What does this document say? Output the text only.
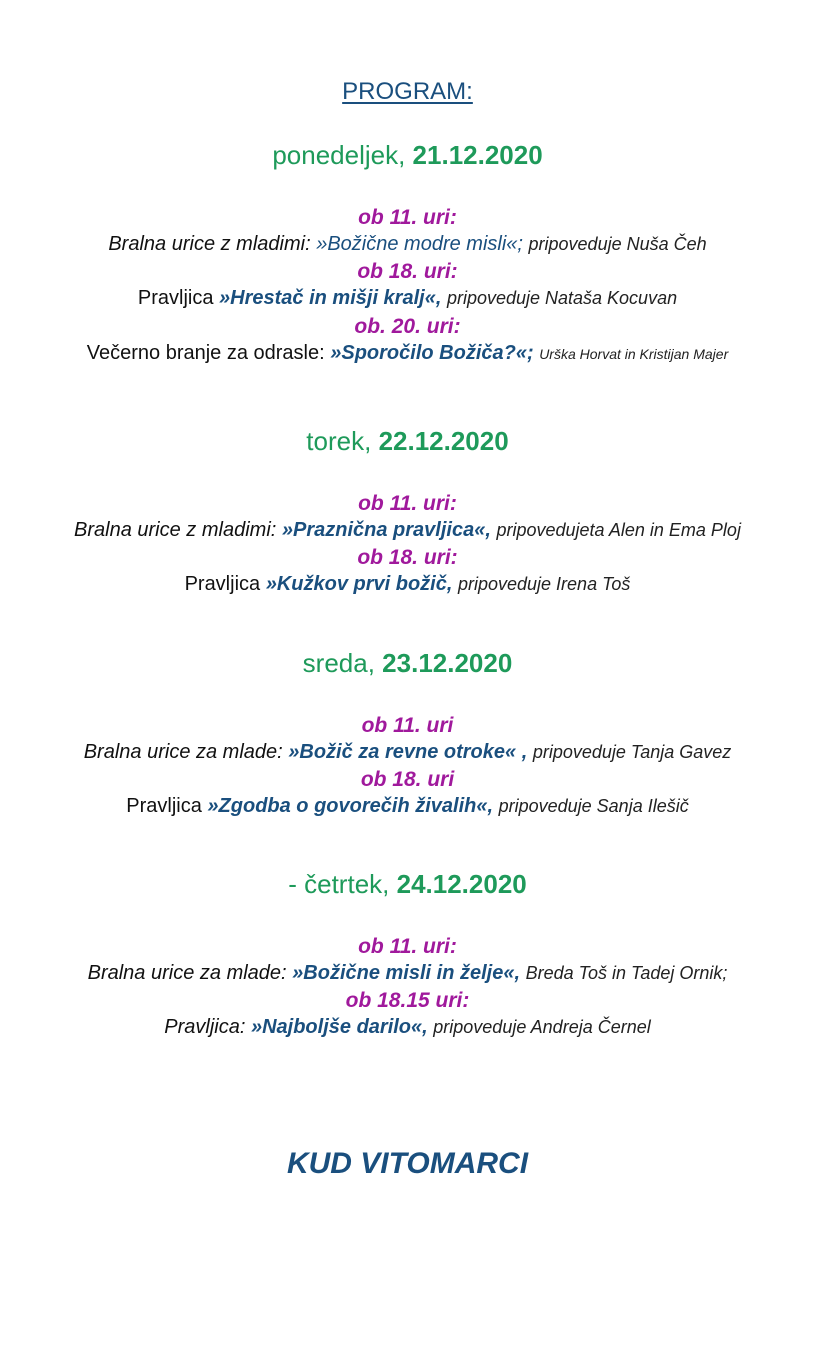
PROGRAM:
ponedeljek, 21.12.2020
ob 11. uri:
Bralna urice z mladimi: »Božične modre misli«; pripoveduje Nuša Čeh
ob 18. uri:
Pravljica »Hrestač in mišji kralj«, pripoveduje Nataša Kocuvan
ob. 20. uri:
Večerno branje za odrasle: »Sporočilo Božiča?«; Urška Horvat in Kristijan Majer
torek, 22.12.2020
ob 11. uri:
Bralna urice z mladimi: »Praznična pravljica«, pripovedujeta Alen in Ema Ploj
ob 18. uri:
Pravljica »Kužkov prvi božič, pripoveduje Irena Toš
sreda, 23.12.2020
ob 11. uri
Bralna urice za mlade: »Božič za revne otroke« , pripoveduje Tanja Gavez
ob 18. uri
Pravljica »Zgodba o govorečih živalih«, pripoveduje Sanja Ilešič
- četrtek, 24.12.2020
ob 11. uri:
Bralna urice za mlade: »Božične misli in želje«, Breda Toš in Tadej Ornik;
ob 18.15 uri:
Pravljica: »Najboljše darilo«, pripoveduje Andreja Černel
KUD VITOMARCI
